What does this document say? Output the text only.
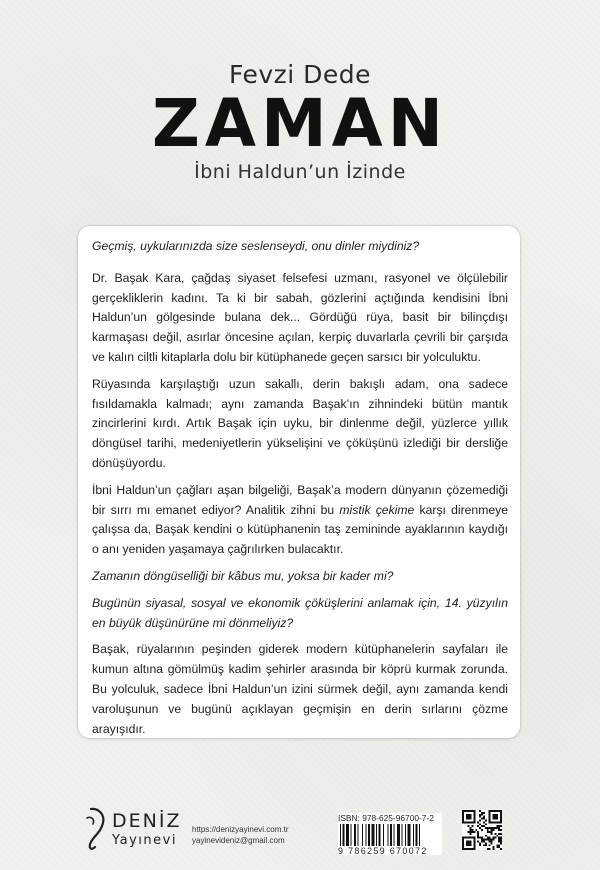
Fevzi Dede

ZAMAN

İbni Haldun’un İzinde

Geçmiş, uykularınızda size seslenseydi, onu dinler miydiniz?

Dr. Başak Kara, çağdaş siyaset felsefesi uzmanı, rasyonel ve ölçülebilir gerçekliklerin kadını. Ta ki bir sabah, gözlerini açtığında kendisini İbni Haldun’un gölgesinde bulana dek... Gördüğü rüya, basit bir bilinçdışı karmaşası değil, asırlar öncesine açılan, kerpiç duvarlarla çevrili bir çarşıda ve kalın ciltli kitaplarla dolu bir kütüphanede geçen sarsıcı bir yolculuktu.

Rüyasında karşılaştığı uzun sakallı, derin bakışlı adam, ona sadece fısıldamakla kalmadı; aynı zamanda Başak’ın zihnindeki bütün mantık zincirlerini kırdı. Artık Başak için uyku, bir dinlenme değil, yüzlerce yıllık döngüsel tarihi, medeniyetlerin yükselişini ve çöküşünü izlediği bir dersliğe dönüşüyordu.

İbni Haldun’un çağları aşan bilgeliği, Başak’a modern dünyanın çözemediği bir sırrı mı emanet ediyor? Analitik zihni bu mistik çekime karşı direnmeye çalışsa da, Başak kendini o kütüphanenin taş zemininde ayaklarının kaydığı o anı yeniden yaşamaya çağrılırken bulacaktır.

Zamanın döngüselliği bir kâbus mu, yoksa bir kader mi?

Bugünün siyasal, sosyal ve ekonomik çöküşlerini anlamak için, 14. yüzyılın en büyük düşünürüne mi dönmeliyiz?

Başak, rüyalarının peşinden giderek modern kütüphanelerin sayfaları ile kumun altına gömülmüş kadim şehirler arasında bir köprü kurmak zorunda. Bu yolculuk, sadece İbni Haldun’un izini sürmek değil, aynı zamanda kendi varoluşunun ve bugünü açıklayan geçmişin en derin sırlarını çözme arayışıdır.

DENİZ
Yayınevi
https://denizyayinevi.com.tr
yayinevideniz@gmail.com
ISBN: 978-625-96700-7-2
9 786259 670072
